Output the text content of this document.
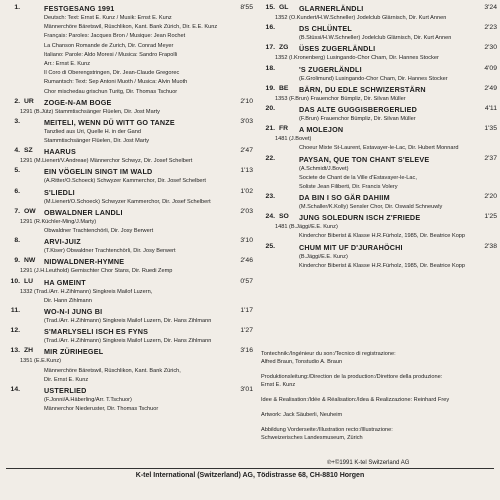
1.	FESTGESANG 1991	8'55
Deutsch: Text: Ernst E. Kunz / Musik: Ernst E. Kunz
Männerchöre Bäretswil, Rüschlikon, Kant. Bank Zürich, Dir. E.E. Kunz
Français: Paroles: Jacques Bron / Musique: Jean Rochet
La Chanson Romande de Zurich, Dir. Conrad Meyer
Italiano: Parole: Aldo Moresi / Musica: Sandro Frapolli
Arr.: Ernst E. Kunz
Il Coro di Oberengstringen, Dir. Jean-Claude Gregorec
Rumantsch: Text: Sep Antoni Muoth / Musica: Alvin Muoth
Chor mischedau grischun Turitg, Dir. Thomas Tschuor
2. UR ZOGE-N-AM BOGE	2'10
1291 (B.Jütz) Stammtischsänger Flüelen, Dir. Jost Marty
3.	MEITELI, WENN DÜ WITT GO TANZE	3'03
Tanzlied aus Uri, Quelle H. in der Gand
Stammtischsänger Flüelen, Dir. Jost Marty
4. SZ HAARUS	2'47
1291 (M.Lienert/V.Andreae) Männerchor Schwyz, Dir. Josef Schelbert
5.	EIN VÖGELIN SINGT IM WALD	1'13
(A.Ritter/O.Schoeck) Schwyzer Kammerchor, Dir. Josef Schelbert
6.	S'LIEDLI	1'02
(M.Lienert/O.Schoeck) Schwyzer Kammerchor, Dir. Josef Schelbert
7. OW OBWALDNER LANDLI	2'03
1291 (R.Küchler-Ming/J.Marty)
Obwaldner Trachtenchörli, Dir. Josy Berwert
8.	ARVI-JUIZ	3'10
(T.Kiser) Obwaldner Trachtenchörli, Dir. Josy Berwert
9. NW NIDWALDNER-HYMNE	2'46
1291 (J.H.Leuthold) Gemischter Chor Stans, Dir. Ruedi Zemp
10. LU HA GMEINT	0'57
1332 (Trad./Arr. H.Zihlmann) Singkreis Mailof Luzern,
Dir. Hann Zihlmann
11.	WO-N-I JUNG BI	1'17
(Trad./Arr. H.Zihlmann) Singkreis Mailof Luzern, Dir. Hans Zihlmann
12.	S'MARLYSELI ISCH ES FYNS	1'27
(Trad./Arr. H.Zihlmann) Singkreis Mailof Luzern, Dir. Hans Zihlmann
13. ZH MIR ZÜRIHEGEL	3'16
1351 (E.E.Kunz)
Männerchöre Bäretswil, Rüschlikon, Kant. Bank Zürich,
Dir. Ernst E. Kunz
14.	USTERLIED	3'01
(F.Jonni/A.Häberling/Arr. T.Tschuor)
Männerchor Niederuster, Dir. Thomas Tschuor
15. GL GLARNERLÄNDLI	3'24
1352 (O.Kundert/H.W.Schneller) Jodelclub Glärnisch, Dir. Kurt Annen
16.	DS CHLÜNTEL	2'23
(B.Stüssi/H.W.Schneller) Jodelclub Glärnisch, Dir. Kurt Annen
17. ZG ÜSES ZUGERLÄNDLI	2'30
1352 (I.Kronenberg) Lusingando-Chor Cham, Dir. Hannes Stocker
18.	'S ZUGERLÄNDLI	4'09
(E.Grolimund) Lusingando-Chor Cham, Dir. Hannes Stocker
19. BE BÄRN, DU EDLE SCHWIZERSTÄRN	2'49
1353 (F.Brun) Frauenchor Bümpliz, Dir. Silvan Müller
20.	DAS ALTE GUGGISBERGERLIED	4'11
(F.Brun) Frauenchor Bümpliz, Dir. Silvan Müller
21. FR A MOLEJON	1'35
1481 (J.Bovet)
Choeur Mixte St-Laurent, Estavayer-le-Lac, Dir. Hubert Monnard
22.	PAYSAN, QUE TON CHANT S'ELEVE	2'37
(A.Schmidt/J.Bovet)
Societe de Chant de la Ville d'Estavayer-le-Lac,
Soliste Jean Filiberti, Dir. Francis Volery
23.	DA BIN I SO GÄR DAHIIM	2'20
(M.Schaller/K.Kolly) Sensler Chor, Dir. Oswald Schneuwly
24. SO JUNG SOLEDURN ISCH Z'FRIEDE	1'25
1481 (B.Jäggi/E.E. Kunz)
Kinderchor Biberist & Klasse H.R.Fürholz, 1985, Dir. Beatrice Kopp
25.	CHUM MIT UF D'JURAHÖCHI	2'38
(B.Jäggi/E.E. Kunz)
Kinderchor Biberist & Klasse H.R.Fürholz, 1985, Dir. Beatrice Kopp
Tontechnik:/Ingénieur du son:/Tecnico di registrazione:
Alfred Braun, Tonstudio A. Braun
Produktionsleitung:/Direction de la production:/Direttore della produzione:
Ernst E. Kunz
Idee & Realisation:/Idée & Réalisation:/Idea & Realizzazione: Reinhard Frey
Artwork: Jack Säuberli, Neuheim
Abbildung Vorderseite:/Illustration recto:/Illustrazione:
Schweizerisches Landesmuseum, Zürich
℗+©1991 K-tel Switzerland AG
K-tel International (Switzerland) AG, Tödistrasse 68, CH-8810 Horgen
